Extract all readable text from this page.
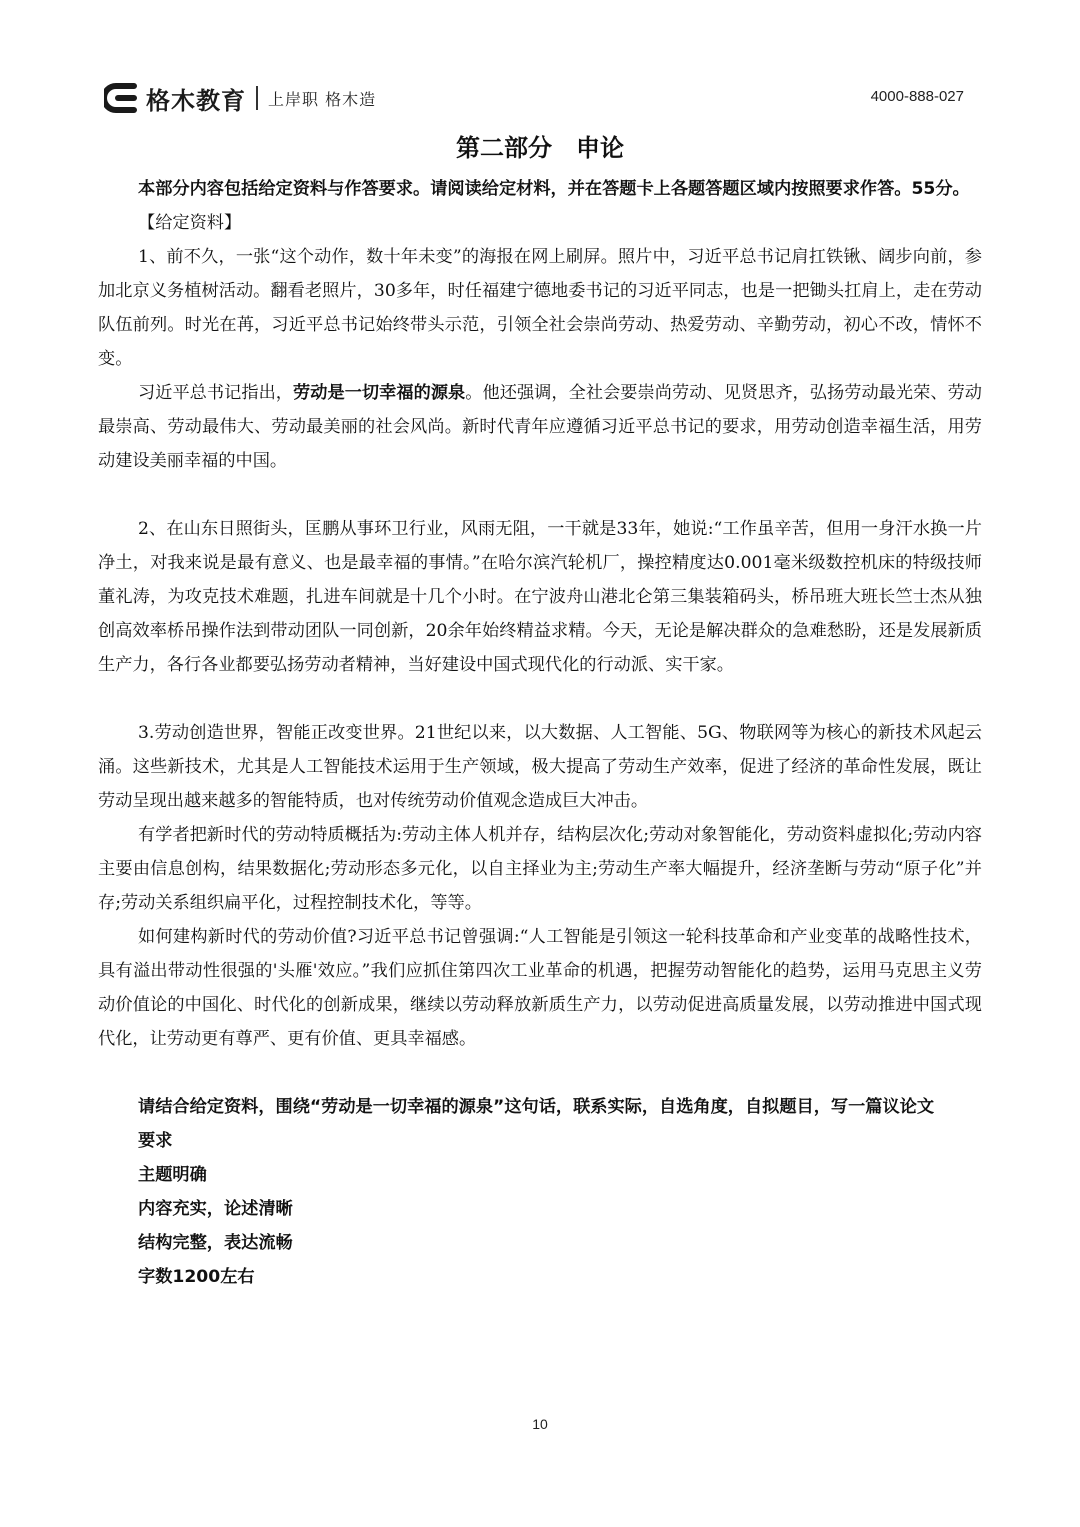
格木教育 上岸职 格木造	4000-888-027
第二部分 申论

本部分内容包括给定资料与作答要求。请阅读给定材料，并在答题卡上各题答题区域内按照要求作答。55分。

【给定资料】

1、前不久，一张“这个动作，数十年未变”的海报在网上刷屏。照片中，习近平总书记肩扛铁锹、阔步向前，参加北京义务植树活动。翻看老照片，30多年，时任福建宁德地委书记的习近平同志，也是一把锄头扛肩上，走在劳动队伍前列。时光在苒，习近平总书记始终带头示范，引领全社会崇尚劳动、热爱劳动、辛勤劳动，初心不改，情怀不变。

习近平总书记指出，劳动是一切幸福的源泉。他还强调，全社会要崇尚劳动、见贤思齐，弘扬劳动最光荣、劳动最崇高、劳动最伟大、劳动最美丽的社会风尚。新时代青年应遵循习近平总书记的要求，用劳动创造幸福生活，用劳动建设美丽幸福的中国。

2、在山东日照街头，匡鹏从事环卫行业，风雨无阻，一干就是33年，她说:“工作虽辛苦，但用一身汗水换一片净土，对我来说是最有意义、也是最幸福的事情。”在哈尔滨汽轮机厂，操控精度达0.001毫米级数控机床的特级技师董礼涛，为攻克技术难题，扎进车间就是十几个小时。在宁波舟山港北仑第三集装箱码头，桥吊班大班长竺士杰从独创高效率桥吊操作法到带动团队一同创新，20余年始终精益求精。今天，无论是解决群众的急难愁盼，还是发展新质生产力，各行各业都要弘扬劳动者精神，当好建设中国式现代化的行动派、实干家。

3.劳动创造世界，智能正改变世界。21世纪以来，以大数据、人工智能、5G、物联网等为核心的新技术风起云涌。这些新技术，尤其是人工智能技术运用于生产领域，极大提高了劳动生产效率，促进了经济的革命性发展，既让劳动呈现出越来越多的智能特质，也对传统劳动价值观念造成巨大冲击。

有学者把新时代的劳动特质概括为:劳动主体人机并存，结构层次化;劳动对象智能化，劳动资料虚拟化;劳动内容主要由信息创构，结果数据化;劳动形态多元化，以自主择业为主;劳动生产率大幅提升，经济垄断与劳动“原子化”并存;劳动关系组织扁平化，过程控制技术化，等等。

如何建构新时代的劳动价值?习近平总书记曾强调:“人工智能是引领这一轮科技革命和产业变革的战略性技术，具有溢出带动性很强的'头雁'效应。”我们应抓住第四次工业革命的机遇，把握劳动智能化的趋势，运用马克思主义劳动价值论的中国化、时代化的创新成果，继续以劳动释放新质生产力，以劳动促进高质量发展，以劳动推进中国式现代化，让劳动更有尊严、更有价值、更具幸福感。

请结合给定资料，围绕“劳动是一切幸福的源泉”这句话，联系实际，自选角度，自拟题目，写一篇议论文

要求
主题明确
内容充实，论述清晰
结构完整，表达流畅
字数1200左右
10
